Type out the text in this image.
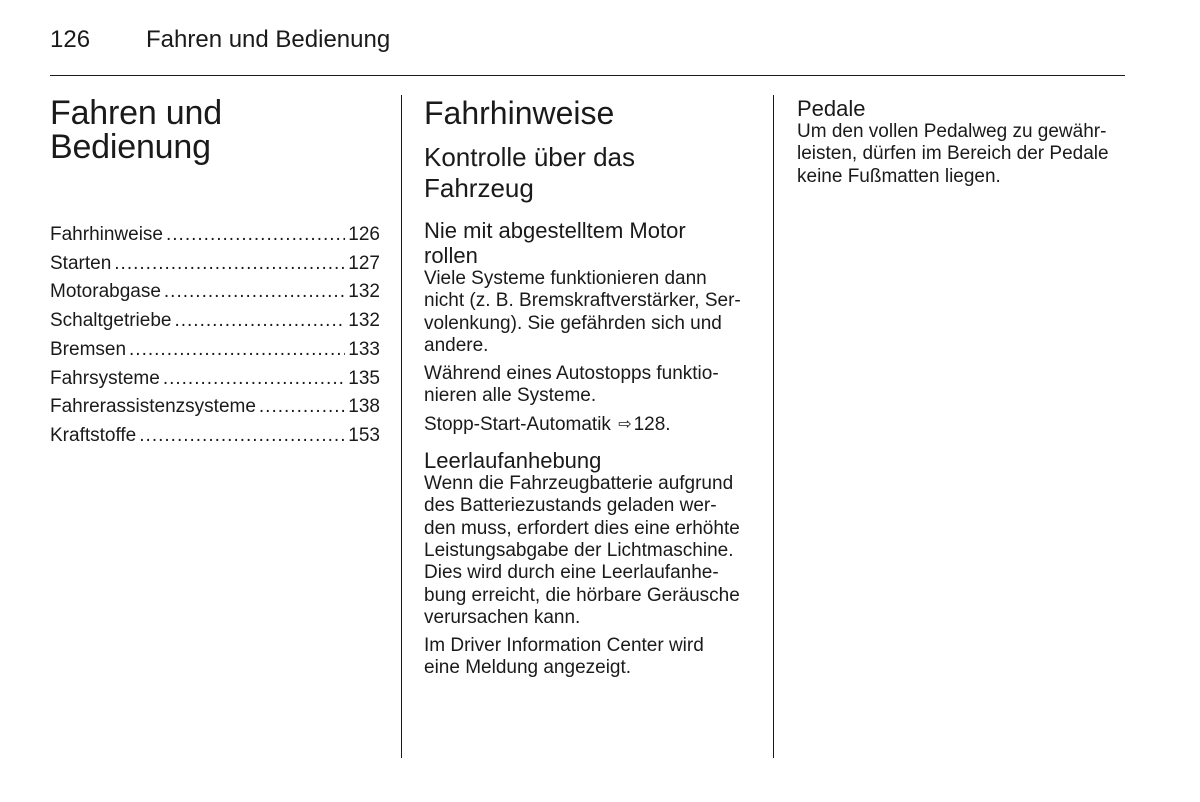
126 Fahren und Bedienung
Fahren und
Bedienung
Fahrhinweise .....	126
Starten .....	127
Motorabgase .....	132
Schaltgetriebe .....	132
Bremsen .....	133
Fahrsysteme .....	135
Fahrerassistenzsysteme .....	138
Kraftstoffe .....	153
Fahrhinweise
Kontrolle über das
Fahrzeug
Nie mit abgestelltem Motor
rollen

Viele Systeme funktionieren dann
nicht (z. B. Bremskraftverstärker, Ser-
volenkung). Sie gefährden sich und
andere.

Während eines Autostopps funktio-
nieren alle Systeme.

Stopp-Start-Automatik ⇨ 128.

Leerlaufanhebung

Wenn die Fahrzeugbatterie aufgrund
des Batteriezustands geladen wer-
den muss, erfordert dies eine erhöhte
Leistungsabgabe der Lichtmaschine.
Dies wird durch eine Leerlaufanhe-
bung erreicht, die hörbare Geräusche
verursachen kann.

Im Driver Information Center wird
eine Meldung angezeigt.

Pedale

Um den vollen Pedalweg zu gewähr-
leisten, dürfen im Bereich der Pedale
keine Fußmatten liegen.
